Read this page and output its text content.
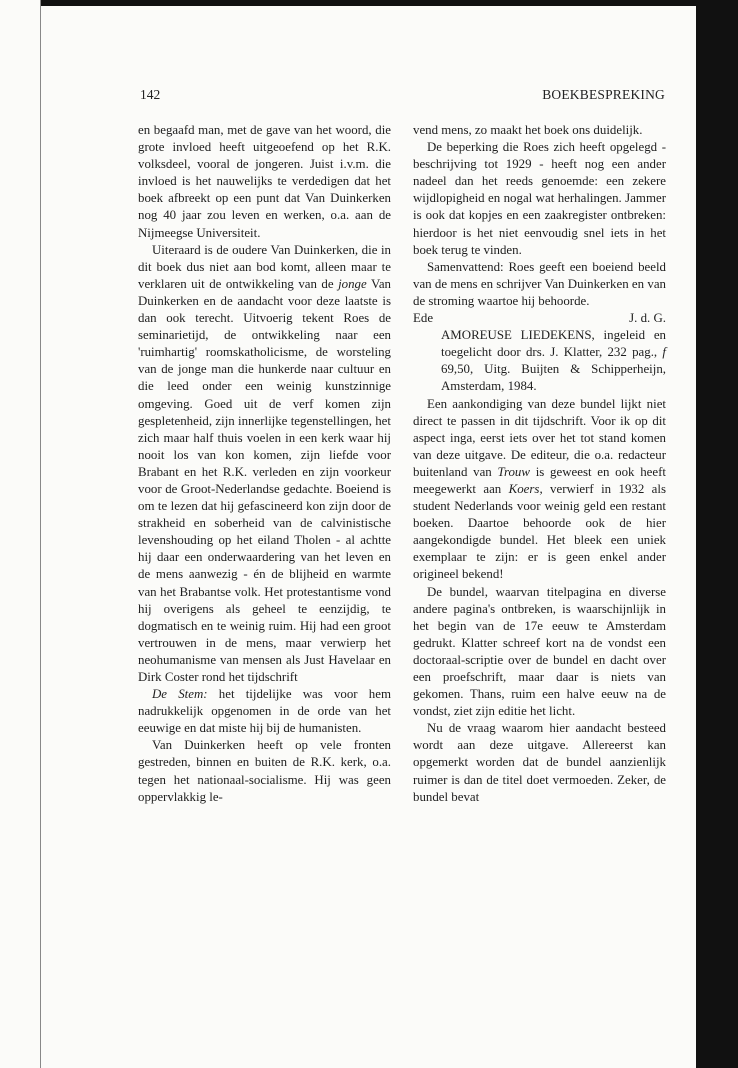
142	BOEKBESPREKING

en begaafd man, met de gave van het woord, die grote invloed heeft uitgeoefend op het R.K. volksdeel, vooral de jongeren. Juist i.v.m. die invloed is het nauwelijks te verdedigen dat het boek afbreekt op een punt dat Van Duinkerken nog 40 jaar zou leven en werken, o.a. aan de Nijmeegse Universiteit.

Uiteraard is de oudere Van Duinkerken, die in dit boek dus niet aan bod komt, alleen maar te verklaren uit de ontwikkeling van de jonge Van Duinkerken en de aandacht voor deze laatste is dan ook terecht. Uitvoerig tekent Roes de seminarietijd, de ontwikkeling naar een 'ruimhartig' roomskatholicisme, de worsteling van de jonge man die hunkerde naar cultuur en die leed onder een weinig kunstzinnige omgeving. Goed uit de verf komen zijn gespletenheid, zijn innerlijke tegenstellingen, het zich maar half thuis voelen in een kerk waar hij nooit los van kon komen, zijn liefde voor Brabant en het R.K. verleden en zijn voorkeur voor de Groot-Nederlandse gedachte. Boeiend is om te lezen dat hij gefascineerd kon zijn door de strakheid en soberheid van de calvinistische levenshouding op het eiland Tholen - al achtte hij daar een onderwaardering van het leven en de mens aanwezig - én de blijheid en warmte van het Brabantse volk. Het protestantisme vond hij overigens als geheel te eenzijdig, te dogmatisch en te weinig ruim. Hij had een groot vertrouwen in de mens, maar verwierp het neohumanisme van mensen als Just Havelaar en Dirk Coster rond het tijdschrift

De Stem: het tijdelijke was voor hem nadrukkelijk opgenomen in de orde van het eeuwige en dat miste hij bij de humanisten.

Van Duinkerken heeft op vele fronten gestreden, binnen en buiten de R.K. kerk, o.a. tegen het nationaal-socialisme. Hij was geen oppervlakkig le-

vend mens, zo maakt het boek ons duidelijk.

De beperking die Roes zich heeft opgelegd - beschrijving tot 1929 - heeft nog een ander nadeel dan het reeds genoemde: een zekere wijdlopigheid en nogal wat herhalingen. Jammer is ook dat kopjes en een zaakregister ontbreken: hierdoor is het niet eenvoudig snel iets in het boek terug te vinden.

Samenvattend: Roes geeft een boeiend beeld van de mens en schrijver Van Duinkerken en van de stroming waartoe hij behoorde.

Ede	J. d. G.

AMOREUSE LIEDEKENS, ingeleid en toegelicht door drs. J. Klatter, 232 pag., f 69,50, Uitg. Buijten & Schipperheijn, Amsterdam, 1984.

Een aankondiging van deze bundel lijkt niet direct te passen in dit tijdschrift. Voor ik op dit aspect inga, eerst iets over het tot stand komen van deze uitgave. De editeur, die o.a. redacteur buitenland van Trouw is geweest en ook heeft meegewerkt aan Koers, verwierf in 1932 als student Nederlands voor weinig geld een restant boeken. Daartoe behoorde ook de hier aangekondigde bundel. Het bleek een uniek exemplaar te zijn: er is geen enkel ander origineel bekend!

De bundel, waarvan titelpagina en diverse andere pagina's ontbreken, is waarschijnlijk in het begin van de 17e eeuw te Amsterdam gedrukt. Klatter schreef kort na de vondst een doctoraal-scriptie over de bundel en dacht over een proefschrift, maar daar is niets van gekomen. Thans, ruim een halve eeuw na de vondst, ziet zijn editie het licht.

Nu de vraag waarom hier aandacht besteed wordt aan deze uitgave. Allereerst kan opgemerkt worden dat de bundel aanzienlijk ruimer is dan de titel doet vermoeden. Zeker, de bundel bevat
